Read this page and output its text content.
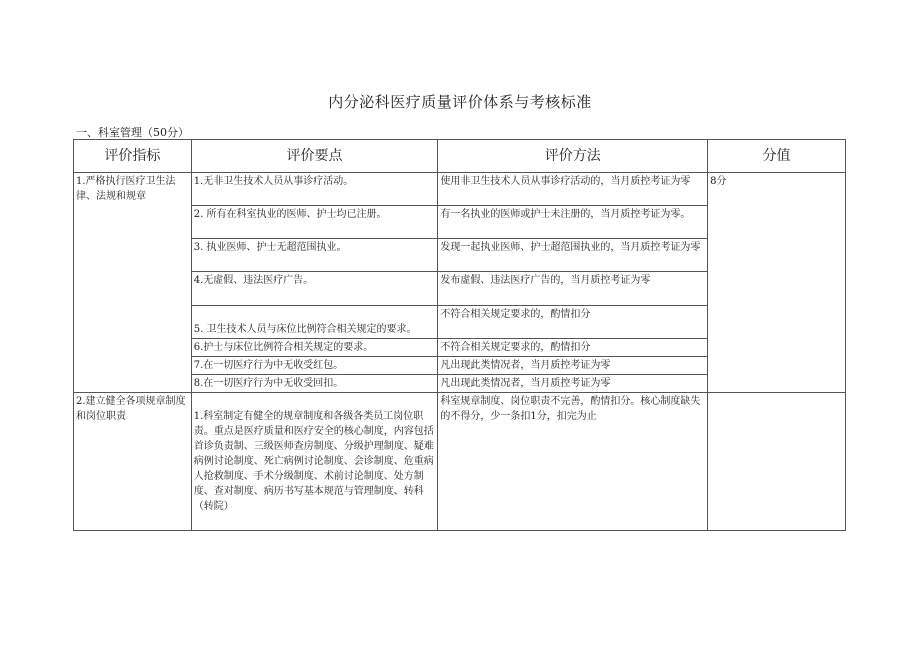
内分泌科医疗质量评价体系与考核标准
一、科室管理（50分）
评价指标	评价要点	评价方法	分值
1.严格执行医疗卫生法律、法规和规章	1.无非卫生技术人员从事诊疗活动。	使用非卫生技术人员从事诊疗活动的，当月质控考证为零	8分
	2. 所有在科室执业的医师、护士均已注册。	有一名执业的医师或护士未注册的，当月质控考证为零。	
	3. 执业医师、护士无超范围执业。	发现一起执业医师、护士超范围执业的，当月质控考证为零	
	4.无虚假、违法医疗广告。	发布虚假、违法医疗广告的，当月质控考证为零	
	5. 卫生技术人员与床位比例符合相关规定的要求。	不符合相关规定要求的，酌情扣分	
	6.护士与床位比例符合相关规定的要求。	不符合相关规定要求的，酌情扣分	
	7.在一切医疗行为中无收受红包。	凡出现此类情况者，当月质控考证为零	
	8.在一切医疗行为中无收受回扣。	凡出现此类情况者，当月质控考证为零	
2.建立健全各项规章制度和岗位职责	1.科室制定有健全的规章制度和各级各类员工岗位职责。重点是医疗质量和医疗安全的核心制度，内容包括首诊负责制、三级医师查房制度、分级护理制度、疑难病例讨论制度、死亡病例讨论制度、会诊制度、危重病人抢救制度、手术分级制度、术前讨论制度、处方制度、查对制度、病历书写基本规范与管理制度、转科（转院）	科室规章制度、岗位职责不完善，酌情扣分。核心制度缺失的不得分，少一条扣1分，扣完为止	
